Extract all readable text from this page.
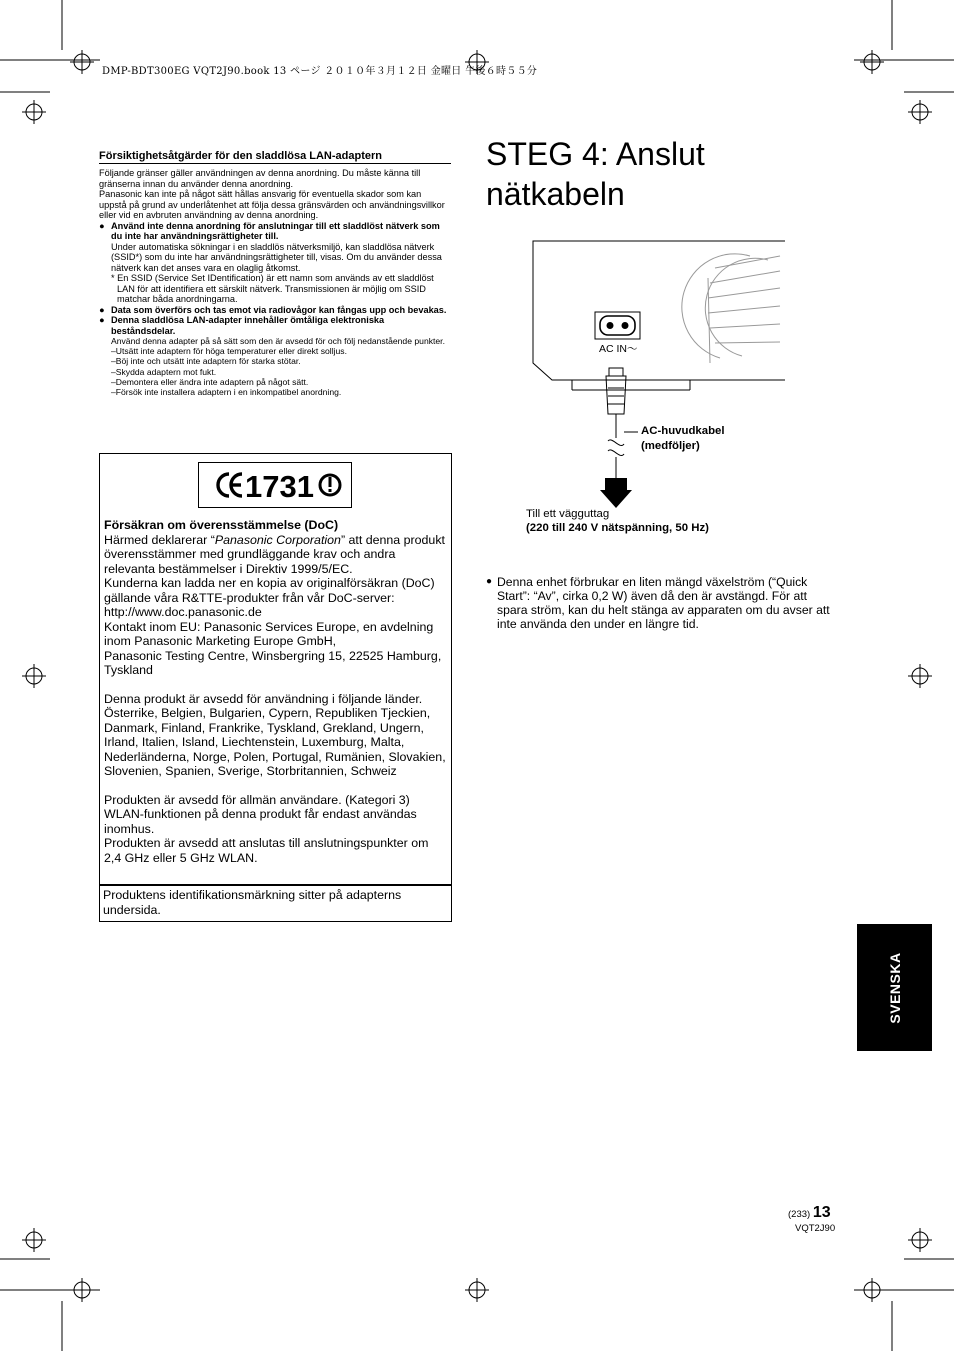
DMP-BDT300EG VQT2J90.book 13 ページ ２０１０年３月１２日 金曜日 午後６時５５分
Försiktighetsåtgärder för den sladdlösa LAN-adaptern

Följande gränser gäller användningen av denna anordning. Du måste känna till gränserna innan du använder denna anordning.

Panasonic kan inte på något sätt hållas ansvarig för eventuella skador som kan uppstå på grund av underlåtenhet att följa dessa gränsvärden och användningsvillkor eller vid en avbruten användning av denna anordning.

● Använd inte denna anordning för anslutningar till ett sladdlöst nätverk som du inte har användningsrättigheter till.

Under automatiska sökningar i en sladdlös nätverksmiljö, kan sladdlösa nätverk (SSID*) som du inte har användningsrättigheter till, visas. Om du använder dessa nätverk kan det anses vara en olaglig åtkomst.

* En SSID (Service Set IDentification) är ett namn som används av ett sladdlöst LAN för att identifiera ett särskilt nätverk. Transmissionen är möjlig om SSID matchar båda anordningarna.

● Data som överförs och tas emot via radiovågor kan fångas upp och bevakas.

● Denna sladdlösa LAN-adapter innehåller ömtåliga elektroniska beståndsdelar.

Använd denna adapter på så sätt som den är avsedd för och följ nedanstående punkter.
–Utsätt inte adaptern för höga temperaturer eller direkt solljus.
–Böj inte och utsätt inte adaptern för starka stötar.
–Skydda adaptern mot fukt.
–Demontera eller ändra inte adaptern på något sätt.
–Försök inte installera adaptern i en inkompatibel anordning.
1731

Försäkran om överensstämmelse (DoC)

Härmed deklarerar “Panasonic Corporation” att denna produkt överensstämmer med grundläggande krav och andra relevanta bestämmelser i Direktiv 1999/5/EC.

Kunderna kan ladda ner en kopia av originalförsäkran (DoC) gällande våra R&TTE-produkter från vår DoC-server:

http://www.doc.panasonic.de

Kontakt inom EU: Panasonic Services Europe, en avdelning inom Panasonic Marketing Europe GmbH,

Panasonic Testing Centre, Winsbergring 15, 22525 Hamburg, Tyskland

Denna produkt är avsedd för användning i följande länder.

Österrike, Belgien, Bulgarien, Cypern, Republiken Tjeckien, Danmark, Finland, Frankrike, Tyskland, Grekland, Ungern, Irland, Italien, Island, Liechtenstein, Luxemburg, Malta, Nederländerna, Norge, Polen, Portugal, Rumänien, Slovakien, Slovenien, Spanien, Sverige, Storbritannien, Schweiz

Produkten är avsedd för allmän användare. (Kategori 3)

WLAN-funktionen på denna produkt får endast användas inomhus.

Produkten är avsedd att anslutas till anslutningspunkter om 2,4 GHz eller 5 GHz WLAN.

Produktens identifikationsmärkning sitter på adapterns undersida.
STEG 4: Anslut nätkabeln
AC IN～
AC-huvudkabel
(medföljer)
Till ett vägguttag
(220 till 240 V nätspänning, 50 Hz)
● Denna enhet förbrukar en liten mängd växelström (“Quick Start”: “Av”, cirka 0,2 W) även då den är avstängd. För att spara ström, kan du helt stänga av apparaten om du avser att inte använda den under en längre tid.
SVENSKA
(233) 13
VQT2J90
